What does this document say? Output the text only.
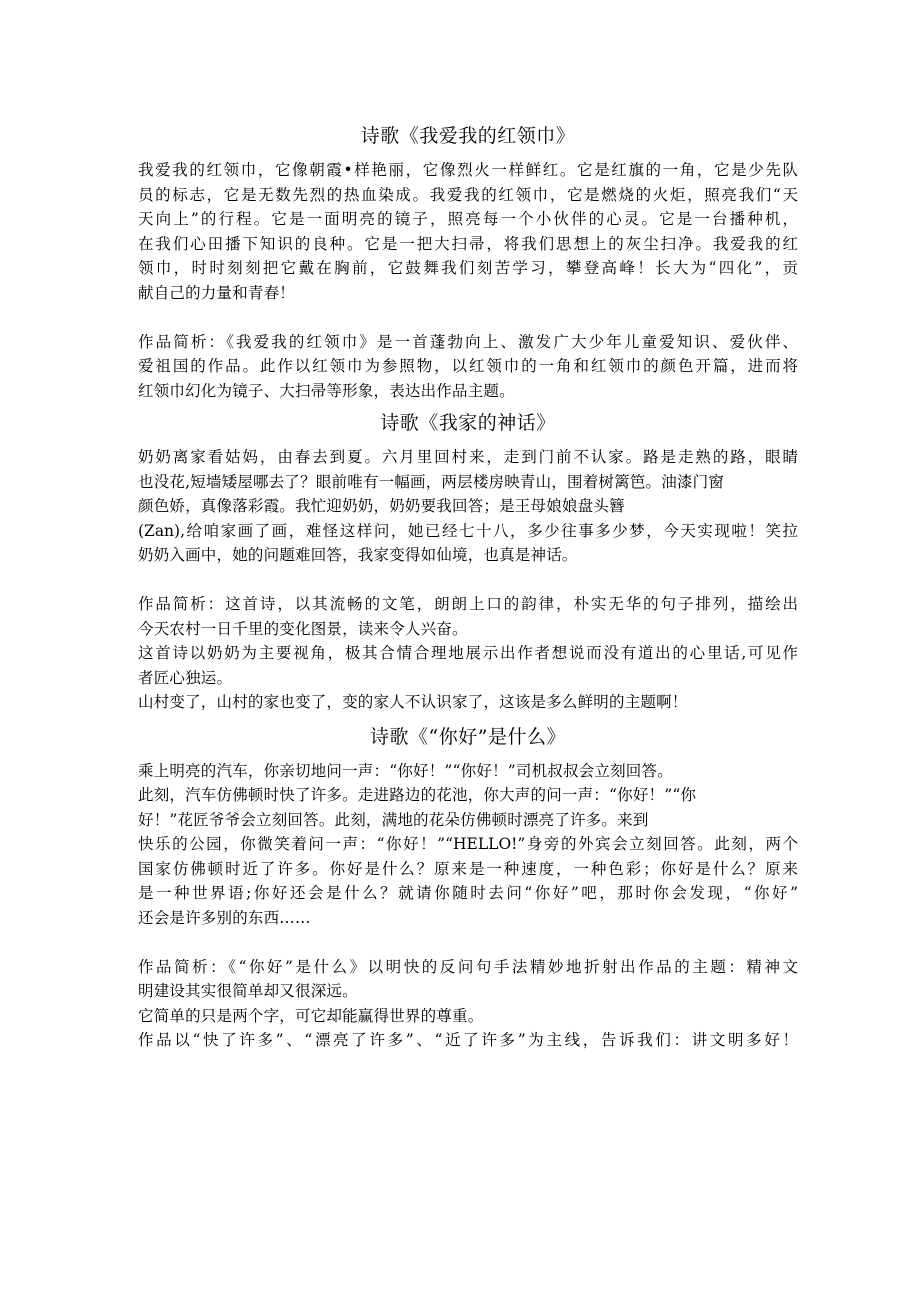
诗歌《我爱我的红领巾》
我爱我的红领巾，它像朝霞•样艳丽，它像烈火一样鲜红。它是红旗的一角，它是少先队
员的标志，它是无数先烈的热血染成。我爱我的红领巾，它是燃烧的火炬，照亮我们“天
天向上”的行程。它是一面明亮的镜子，照亮每一个小伙伴的心灵。它是一台播种机，
在我们心田播下知识的良种。它是一把大扫帚，将我们思想上的灰尘扫净。我爱我的红
领巾，时时刻刻把它戴在胸前，它鼓舞我们刻苦学习，攀登高峰！长大为“四化”，贡
献自己的力量和青春！
作品简析：《我爱我的红领巾》是一首蓬勃向上、激发广大少年儿童爱知识、爱伙伴、
爱祖国的作品。此作以红领巾为参照物，以红领巾的一角和红领巾的颜色开篇，进而将
红领巾幻化为镜子、大扫帚等形象，表达出作品主题。
诗歌《我家的神话》
奶奶离家看姑妈，由春去到夏。六月里回村来，走到门前不认家。路是走熟的路，眼睛
也没花,短墙矮屋哪去了？眼前唯有一幅画，两层楼房映青山，围着树篱笆。油漆门窗
颜色娇，真像落彩霞。我忙迎奶奶，奶奶要我回答；是王母娘娘盘头簪
(Zan),给咱家画了画，难怪这样问，她已经七十八，多少往事多少梦，今天实现啦！笑拉
奶奶入画中，她的问题难回答，我家变得如仙境，也真是神话。
作品简析：这首诗，以其流畅的文笔，朗朗上口的韵律，朴实无华的句子排列，描绘出
今天农村一日千里的变化图景，读来令人兴奋。
这首诗以奶奶为主要视角，极其合情合理地展示出作者想说而没有道出的心里话,可见作
者匠心独运。
山村变了，山村的家也变了，变的家人不认识家了，这该是多么鲜明的主题啊！
诗歌《“你好”是什么》
乘上明亮的汽车，你亲切地问一声：“你好！”“你好！”司机叔叔会立刻回答。
此刻，汽车仿佛顿时快了许多。走进路边的花池，你大声的问一声：“你好！”“你
好！”花匠爷爷会立刻回答。此刻，满地的花朵仿佛顿时漂亮了许多。来到
快乐的公园，你微笑着问一声：“你好！”“HELLO!”身旁的外宾会立刻回答。此刻，两个
国家仿佛顿时近了许多。你好是什么？原来是一种速度，一种色彩；你好是什么？原来
是一种世界语;你好还会是什么？就请你随时去问“你好”吧，那时你会发现，“你好”
还会是许多别的东西……
作品简析：《“你好”是什么》以明快的反问句手法精妙地折射出作品的主题：精神文
明建设其实很简单却又很深远。
它简单的只是两个字，可它却能赢得世界的尊重。
作品以“快了许多”、“漂亮了许多”、“近了许多”为主线，告诉我们：讲文明多好！
